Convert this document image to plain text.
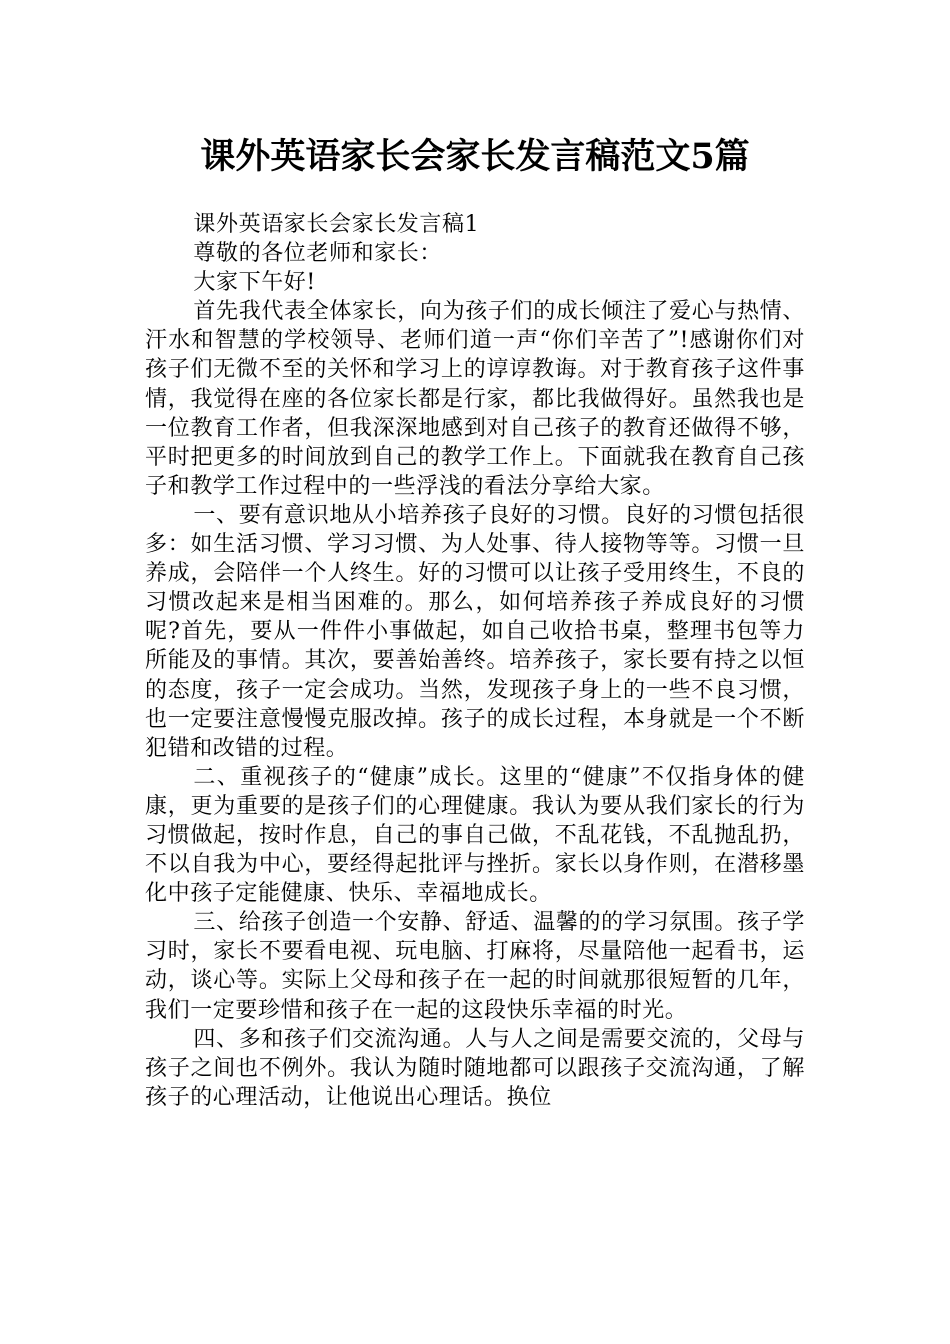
课外英语家长会家长发言稿范文5篇

课外英语家长会家长发言稿1

尊敬的各位老师和家长：

大家下午好!

首先我代表全体家长，向为孩子们的成长倾注了爱心与热情、汗水和智慧的学校领导、老师们道一声“你们辛苦了”!感谢你们对孩子们无微不至的关怀和学习上的谆谆教诲。对于教育孩子这件事情，我觉得在座的各位家长都是行家，都比我做得好。虽然我也是一位教育工作者，但我深深地感到对自己孩子的教育还做得不够，平时把更多的时间放到自己的教学工作上。下面就我在教育自己孩子和教学工作过程中的一些浮浅的看法分享给大家。

一、要有意识地从小培养孩子良好的习惯。良好的习惯包括很多：如生活习惯、学习习惯、为人处事、待人接物等等。习惯一旦养成，会陪伴一个人终生。好的习惯可以让孩子受用终生，不良的习惯改起来是相当困难的。那么，如何培养孩子养成良好的习惯呢?首先，要从一件件小事做起，如自己收拾书桌，整理书包等力所能及的事情。其次，要善始善终。培养孩子，家长要有持之以恒的态度，孩子一定会成功。当然，发现孩子身上的一些不良习惯，也一定要注意慢慢克服改掉。孩子的成长过程，本身就是一个不断犯错和改错的过程。

二、重视孩子的“健康”成长。这里的“健康”不仅指身体的健康，更为重要的是孩子们的心理健康。我认为要从我们家长的行为习惯做起，按时作息，自己的事自己做，不乱花钱，不乱抛乱扔，不以自我为中心，要经得起批评与挫折。家长以身作则，在潜移墨化中孩子定能健康、快乐、幸福地成长。

三、给孩子创造一个安静、舒适、温馨的的学习氛围。孩子学习时，家长不要看电视、玩电脑、打麻将，尽量陪他一起看书，运动，谈心等。实际上父母和孩子在一起的时间就那很短暂的几年，我们一定要珍惜和孩子在一起的这段快乐幸福的时光。

四、多和孩子们交流沟通。人与人之间是需要交流的，父母与孩子之间也不例外。我认为随时随地都可以跟孩子交流沟通，了解孩子的心理活动，让他说出心理话。换位
